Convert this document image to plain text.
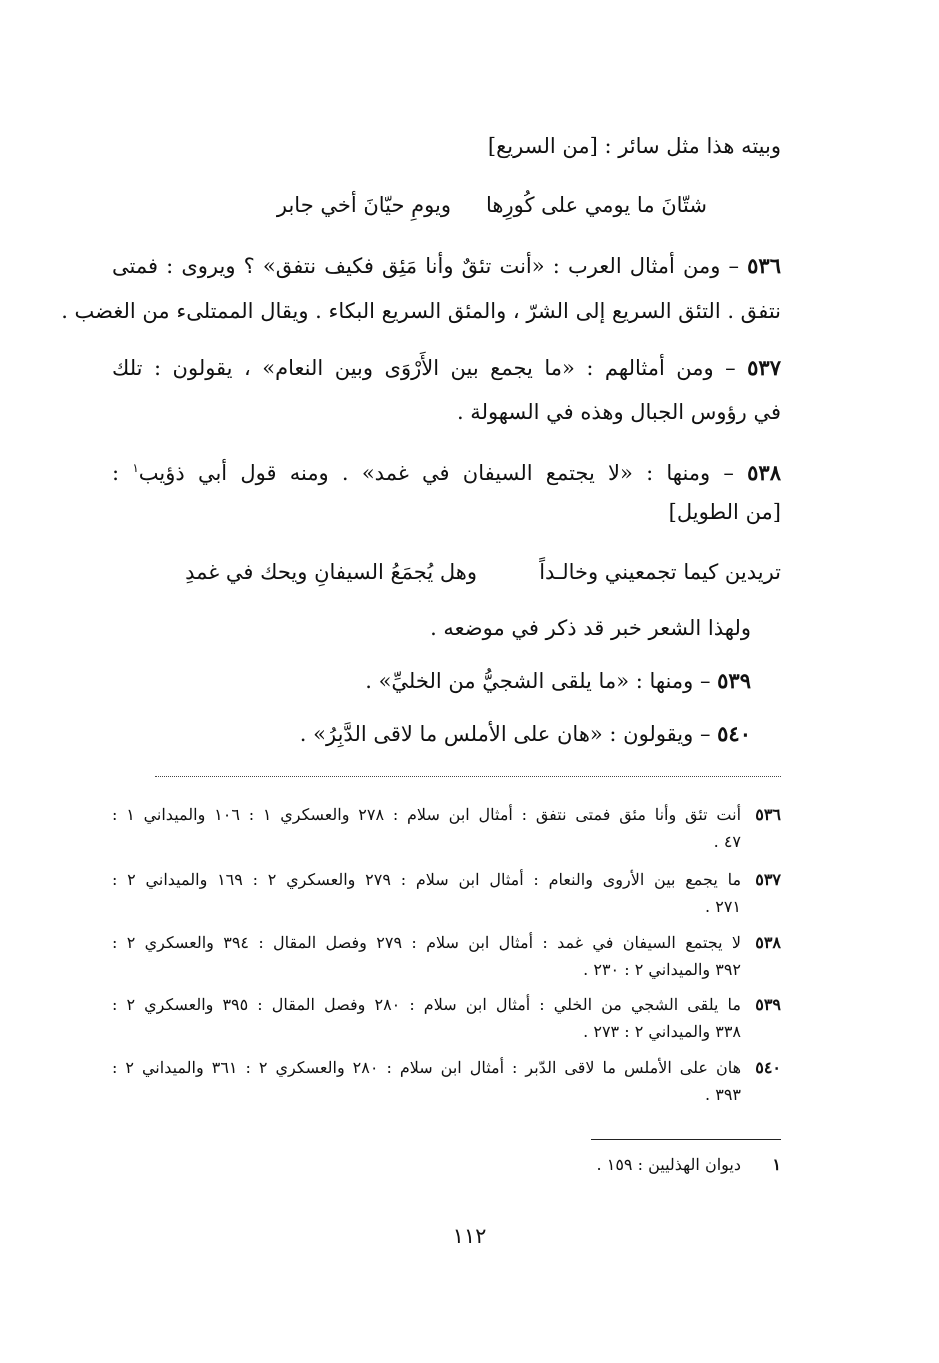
وبيته هذا مثل سائر : [من السريع]
شتّانَ ما يومي على كُورِها
ويومِ حيّانَ أخي جابر
٥٣٦ – ومن أمثال العرب : «أنت تئقٌ وأنا مَئِق فكيف نتفق» ؟ ويروى : فمتى
نتفق . التئق السريع إلى الشرّ ، والمئق السريع البكاء . ويقال الممتلىء من الغضب .
٥٣٧ – ومن أمثالهم : «ما يجمع بين الأَرْوَى وبين النعام» ، يقولون : تلك
في رؤوس الجبال وهذه في السهولة .
٥٣٨ – ومنها : «لا يجتمع السيفان في غمد» . ومنه قول أبي ذؤيب$^١$ :
[من الطويل]
تريدين كيما تجمعيني وخالـداً
وهل يُجمَعُ السيفانِ ويحك في غمدِ
ولهذا الشعر خبر قد ذكر في موضعه .
٥٣٩ – ومنها : «ما يلقى الشجيُّ من الخليِّ» .
٥٤٠ – ويقولون : «هان على الأملس ما لاقى الدَّبِرُ» .
٥٣٦
أنت تئق وأنا مئق فمتى نتفق : أمثال ابن سلام : ٢٧٨ والعسكري ١ : ١٠٦ والميداني ١ :
٤٧ .
٥٣٧
ما يجمع بين الأروى والنعام : أمثال ابن سلام : ٢٧٩ والعسكري ٢ : ١٦٩ والميداني ٢ :
٢٧١ .
٥٣٨
لا يجتمع السيفان في غمد : أمثال ابن سلام : ٢٧٩ وفصل المقال : ٣٩٤ والعسكري ٢ :
٣٩٢ والميداني ٢ : ٢٣٠ .
٥٣٩
ما يلقى الشجي من الخلي : أمثال ابن سلام : ٢٨٠ وفصل المقال : ٣٩٥ والعسكري ٢ :
٣٣٨ والميداني ٢ : ٢٧٣ .
٥٤٠
هان على الأملس ما لاقى الدّبر : أمثال ابن سلام : ٢٨٠ والعسكري ٢ : ٣٦١ والميداني ٢ :
٣٩٣ .
١
ديوان الهذليين : ١٥٩ .
١١٢
